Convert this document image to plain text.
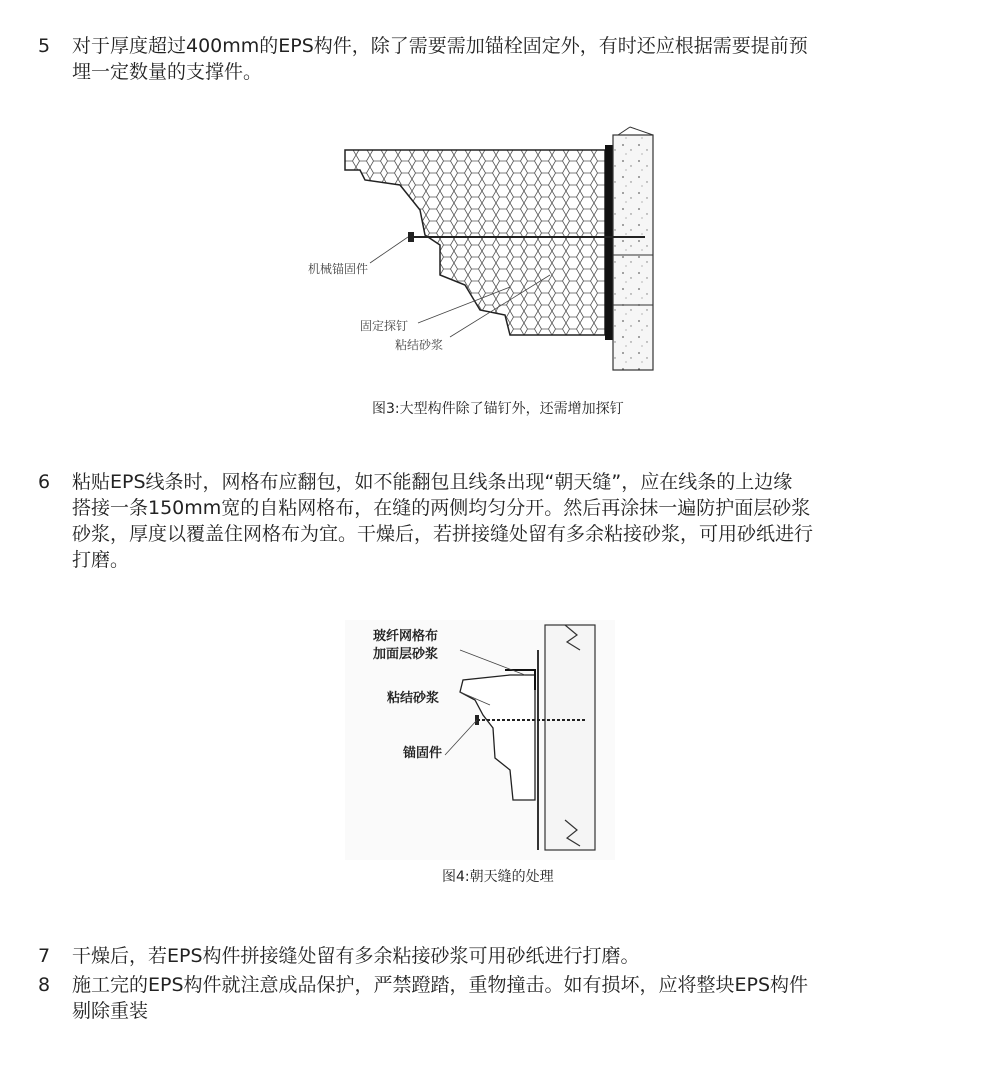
5	对于厚度超过400mm的EPS构件，除了需要需加锚栓固定外，有时还应根据需要提前预
埋一定数量的支撑件。
机械锚固件
固定探钉
粘结砂浆
图3:大型构件除了锚钉外，还需增加探钉
6	粘贴EPS线条时，网格布应翻包，如不能翻包且线条出现“朝天缝”，应在线条的上边缘
搭接一条150mm宽的自粘网格布，在缝的两侧均匀分开。然后再涂抹一遍防护面层砂浆
砂浆，厚度以覆盖住网格布为宜。干燥后，若拼接缝处留有多余粘接砂浆，可用砂纸进行
打磨。
玻纤网格布
加面层砂浆
粘结砂浆
锚固件
图4:朝天缝的处理
7	干燥后，若EPS构件拼接缝处留有多余粘接砂浆可用砂纸进行打磨。
8	施工完的EPS构件就注意成品保护，严禁蹬踏，重物撞击。如有损坏，应将整块EPS构件
剔除重装
